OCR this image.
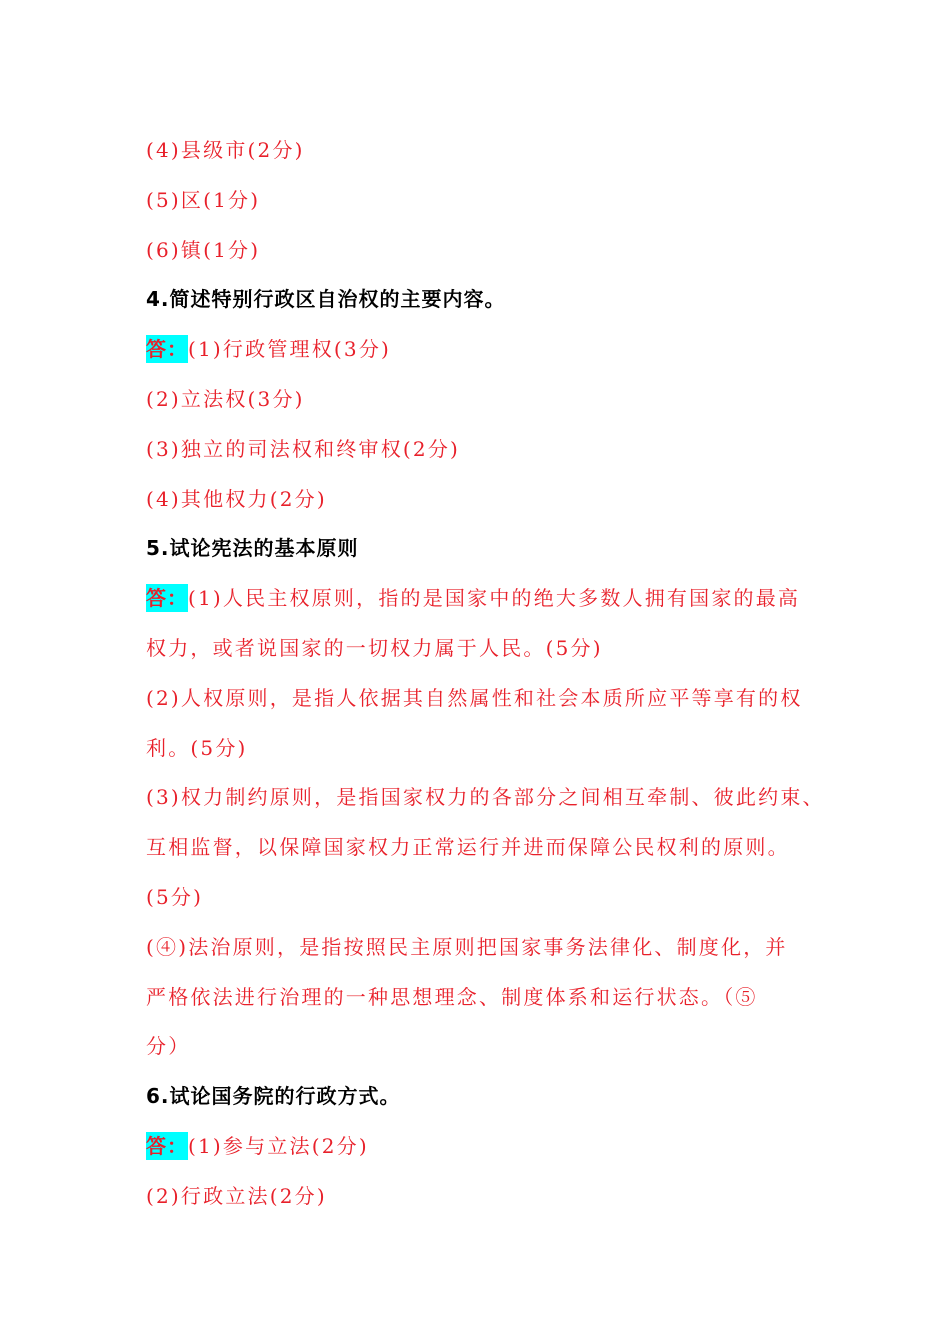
(4)县级市(2分)
(5)区(1分)
(6)镇(1分)
4.简述特别行政区自治权的主要内容。
答：(1)行政管理权(3分)
(2)立法权(3分)
(3)独立的司法权和终审权(2分)
(4)其他权力(2分)
5.试论宪法的基本原则
答：(1)人民主权原则，指的是国家中的绝大多数人拥有国家的最高
权力，或者说国家的一切权力属于人民。(5分)
(2)人权原则，是指人依据其自然属性和社会本质所应平等享有的权
利。(5分)
(3)权力制约原则，是指国家权力的各部分之间相互牵制、彼此约束、
互相监督，以保障国家权力正常运行并进而保障公民权利的原则。
(5分)
(④)法治原则，是指按照民主原则把国家事务法律化、制度化，并
严格依法进行治理的一种思想理念、制度体系和运行状态。（⑤
分）
6.试论国务院的行政方式。
答：(1)参与立法(2分)
(2)行政立法(2分)
